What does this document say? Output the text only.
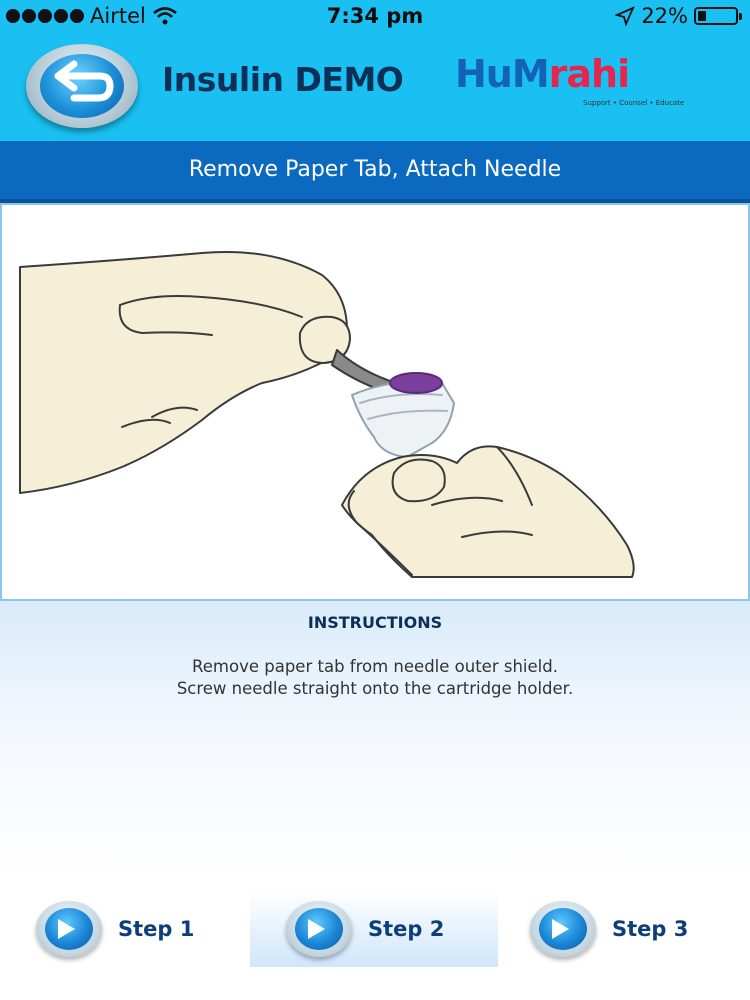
Airtel	7:34 pm	22%
Insulin DEMO HuMrahi
Support • Counsel • Educate
Remove Paper Tab, Attach Needle
INSTRUCTIONS
Remove paper tab from needle outer shield.
Screw needle straight onto the cartridge holder.
Step 1	Step 2	Step 3
